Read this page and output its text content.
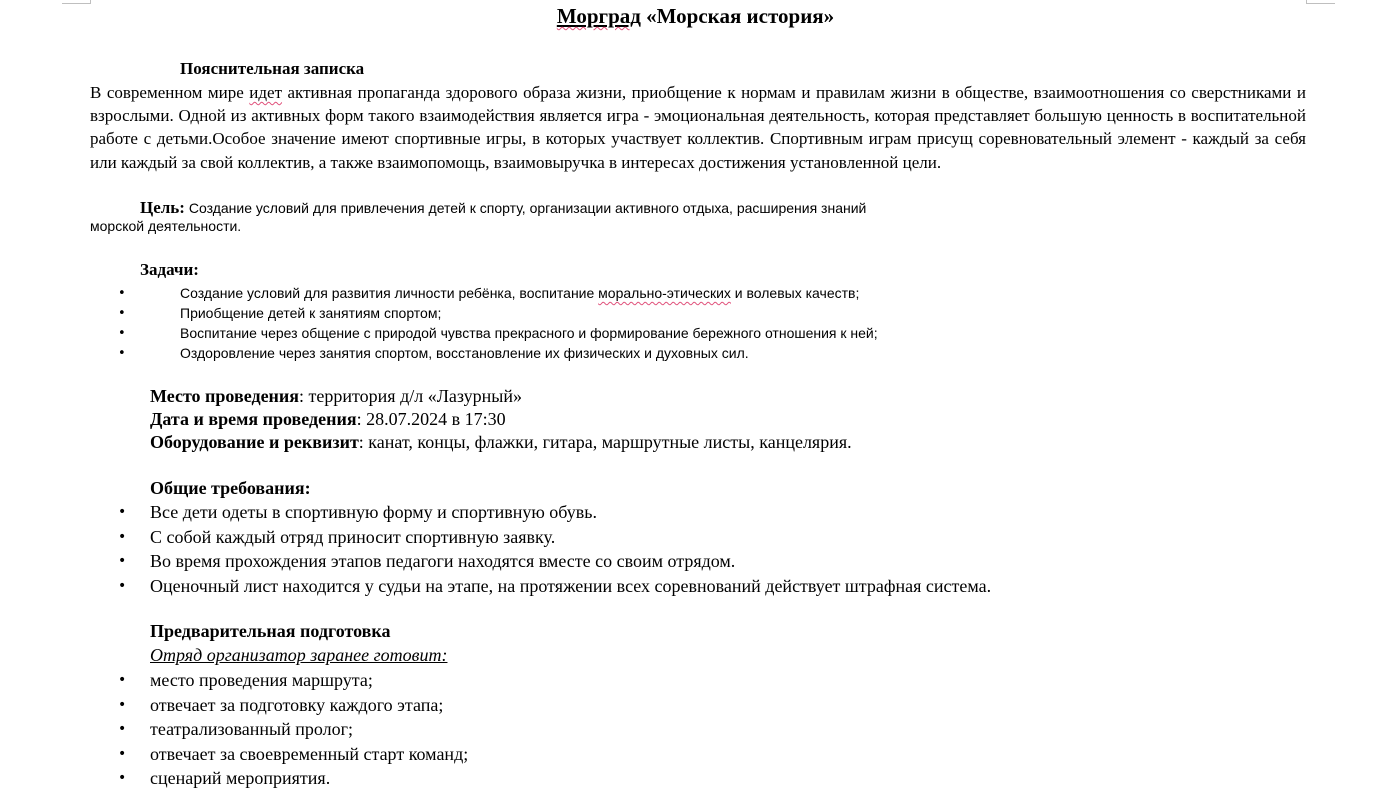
Морград «Морская история»
Пояснительная записка
В современном мире идет активная пропаганда здорового образа жизни, приобщение к нормам и правилам жизни в обществе, взаимоотношения со сверстниками и взрослыми. Одной из активных форм такого взаимодействия является игра - эмоциональная деятельность, которая представляет большую ценность в воспитательной работе с детьми.Особое значение имеют спортивные игры, в которых участвует коллектив. Спортивным играм присущ соревновательный элемент - каждый за себя или каждый за свой коллектив, а также взаимопомощь, взаимовыручка в интересах достижения установленной цели.
Цель: Создание условий для привлечения детей к спорту, организации активного отдыха, расширения знаний
морской деятельности.
Задачи:
•	Создание условий для развития личности ребёнка, воспитание морально-этических и волевых качеств;
•	Приобщение детей к занятиям спортом;
•	Воспитание через общение с природой чувства прекрасного и формирование бережного отношения к ней;
•	Оздоровление через занятия спортом, восстановление их физических и духовных сил.
Место проведения: территория д/л «Лазурный»
Дата и время проведения: 28.07.2024 в 17:30
Оборудование и реквизит: канат, концы, флажки, гитара, маршрутные листы, канцелярия.
Общие требования:
• Все дети одеты в спортивную форму и спортивную обувь.
• С собой каждый отряд приносит спортивную заявку.
• Во время прохождения этапов педагоги находятся вместе со своим отрядом.
• Оценочный лист находится у судьи на этапе, на протяжении всех соревнований действует штрафная система.
Предварительная подготовка
Отряд организатор заранее готовит:
• место проведения маршрута;
• отвечает за подготовку каждого этапа;
• театрализованный пролог;
• отвечает за своевременный старт команд;
• сценарий мероприятия.
